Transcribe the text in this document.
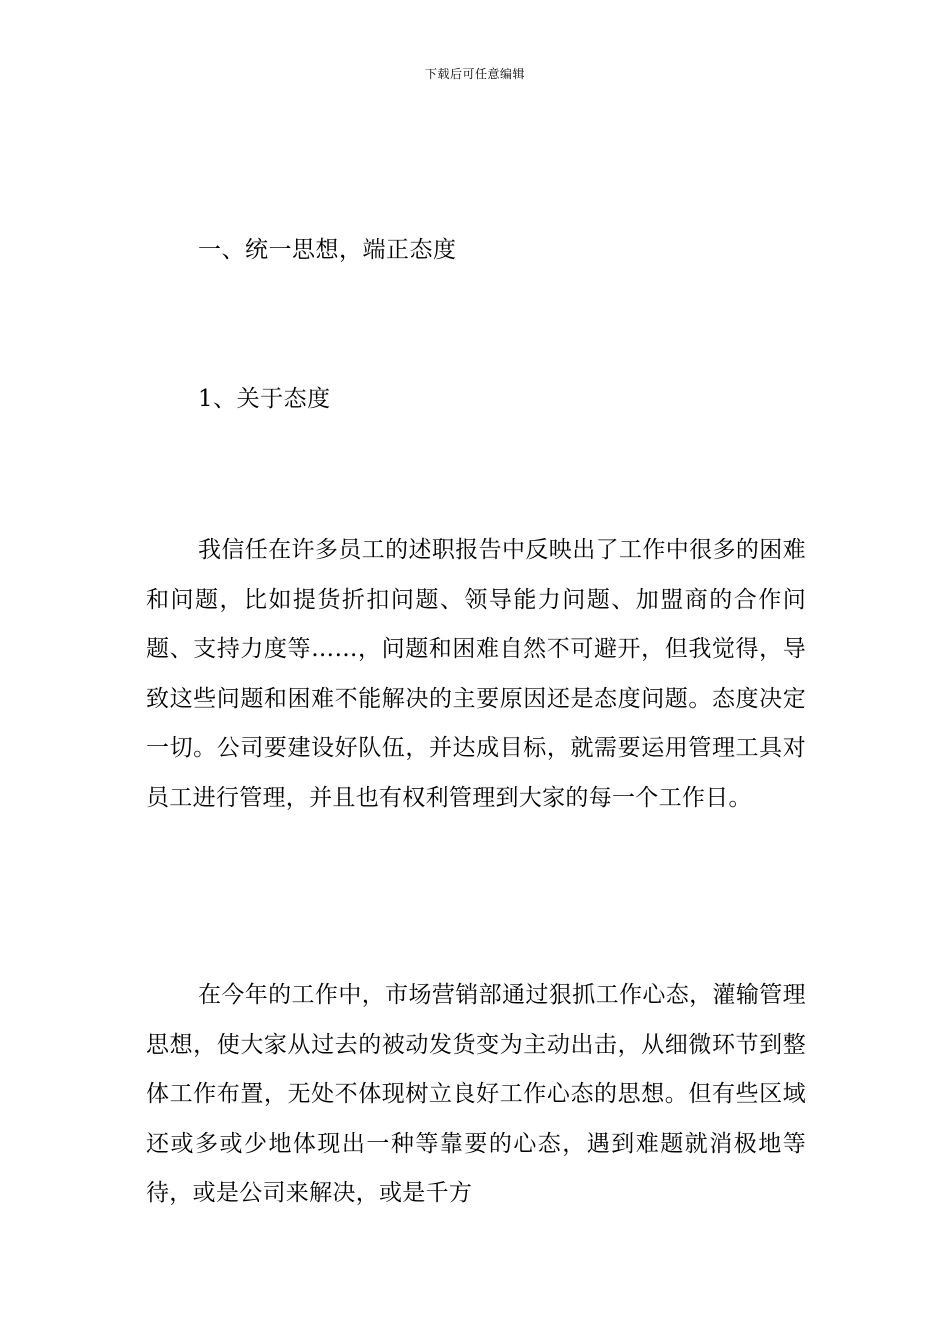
下载后可任意编辑
一、统一思想，端正态度
1、关于态度

我信任在许多员工的述职报告中反映出了工作中很多的困难和问题，比如提货折扣问题、领导能力问题、加盟商的合作问题、支持力度等……，问题和困难自然不可避开，但我觉得，导致这些问题和困难不能解决的主要原因还是态度问题。态度决定一切。公司要建设好队伍，并达成目标，就需要运用管理工具对员工进行管理，并且也有权利管理到大家的每一个工作日。

在今年的工作中，市场营销部通过狠抓工作心态，灌输管理思想，使大家从过去的被动发货变为主动出击，从细微环节到整体工作布置，无处不体现树立良好工作心态的思想。但有些区域还或多或少地体现出一种等靠要的心态，遇到难题就消极地等待，或是公司来解决，或是千方
